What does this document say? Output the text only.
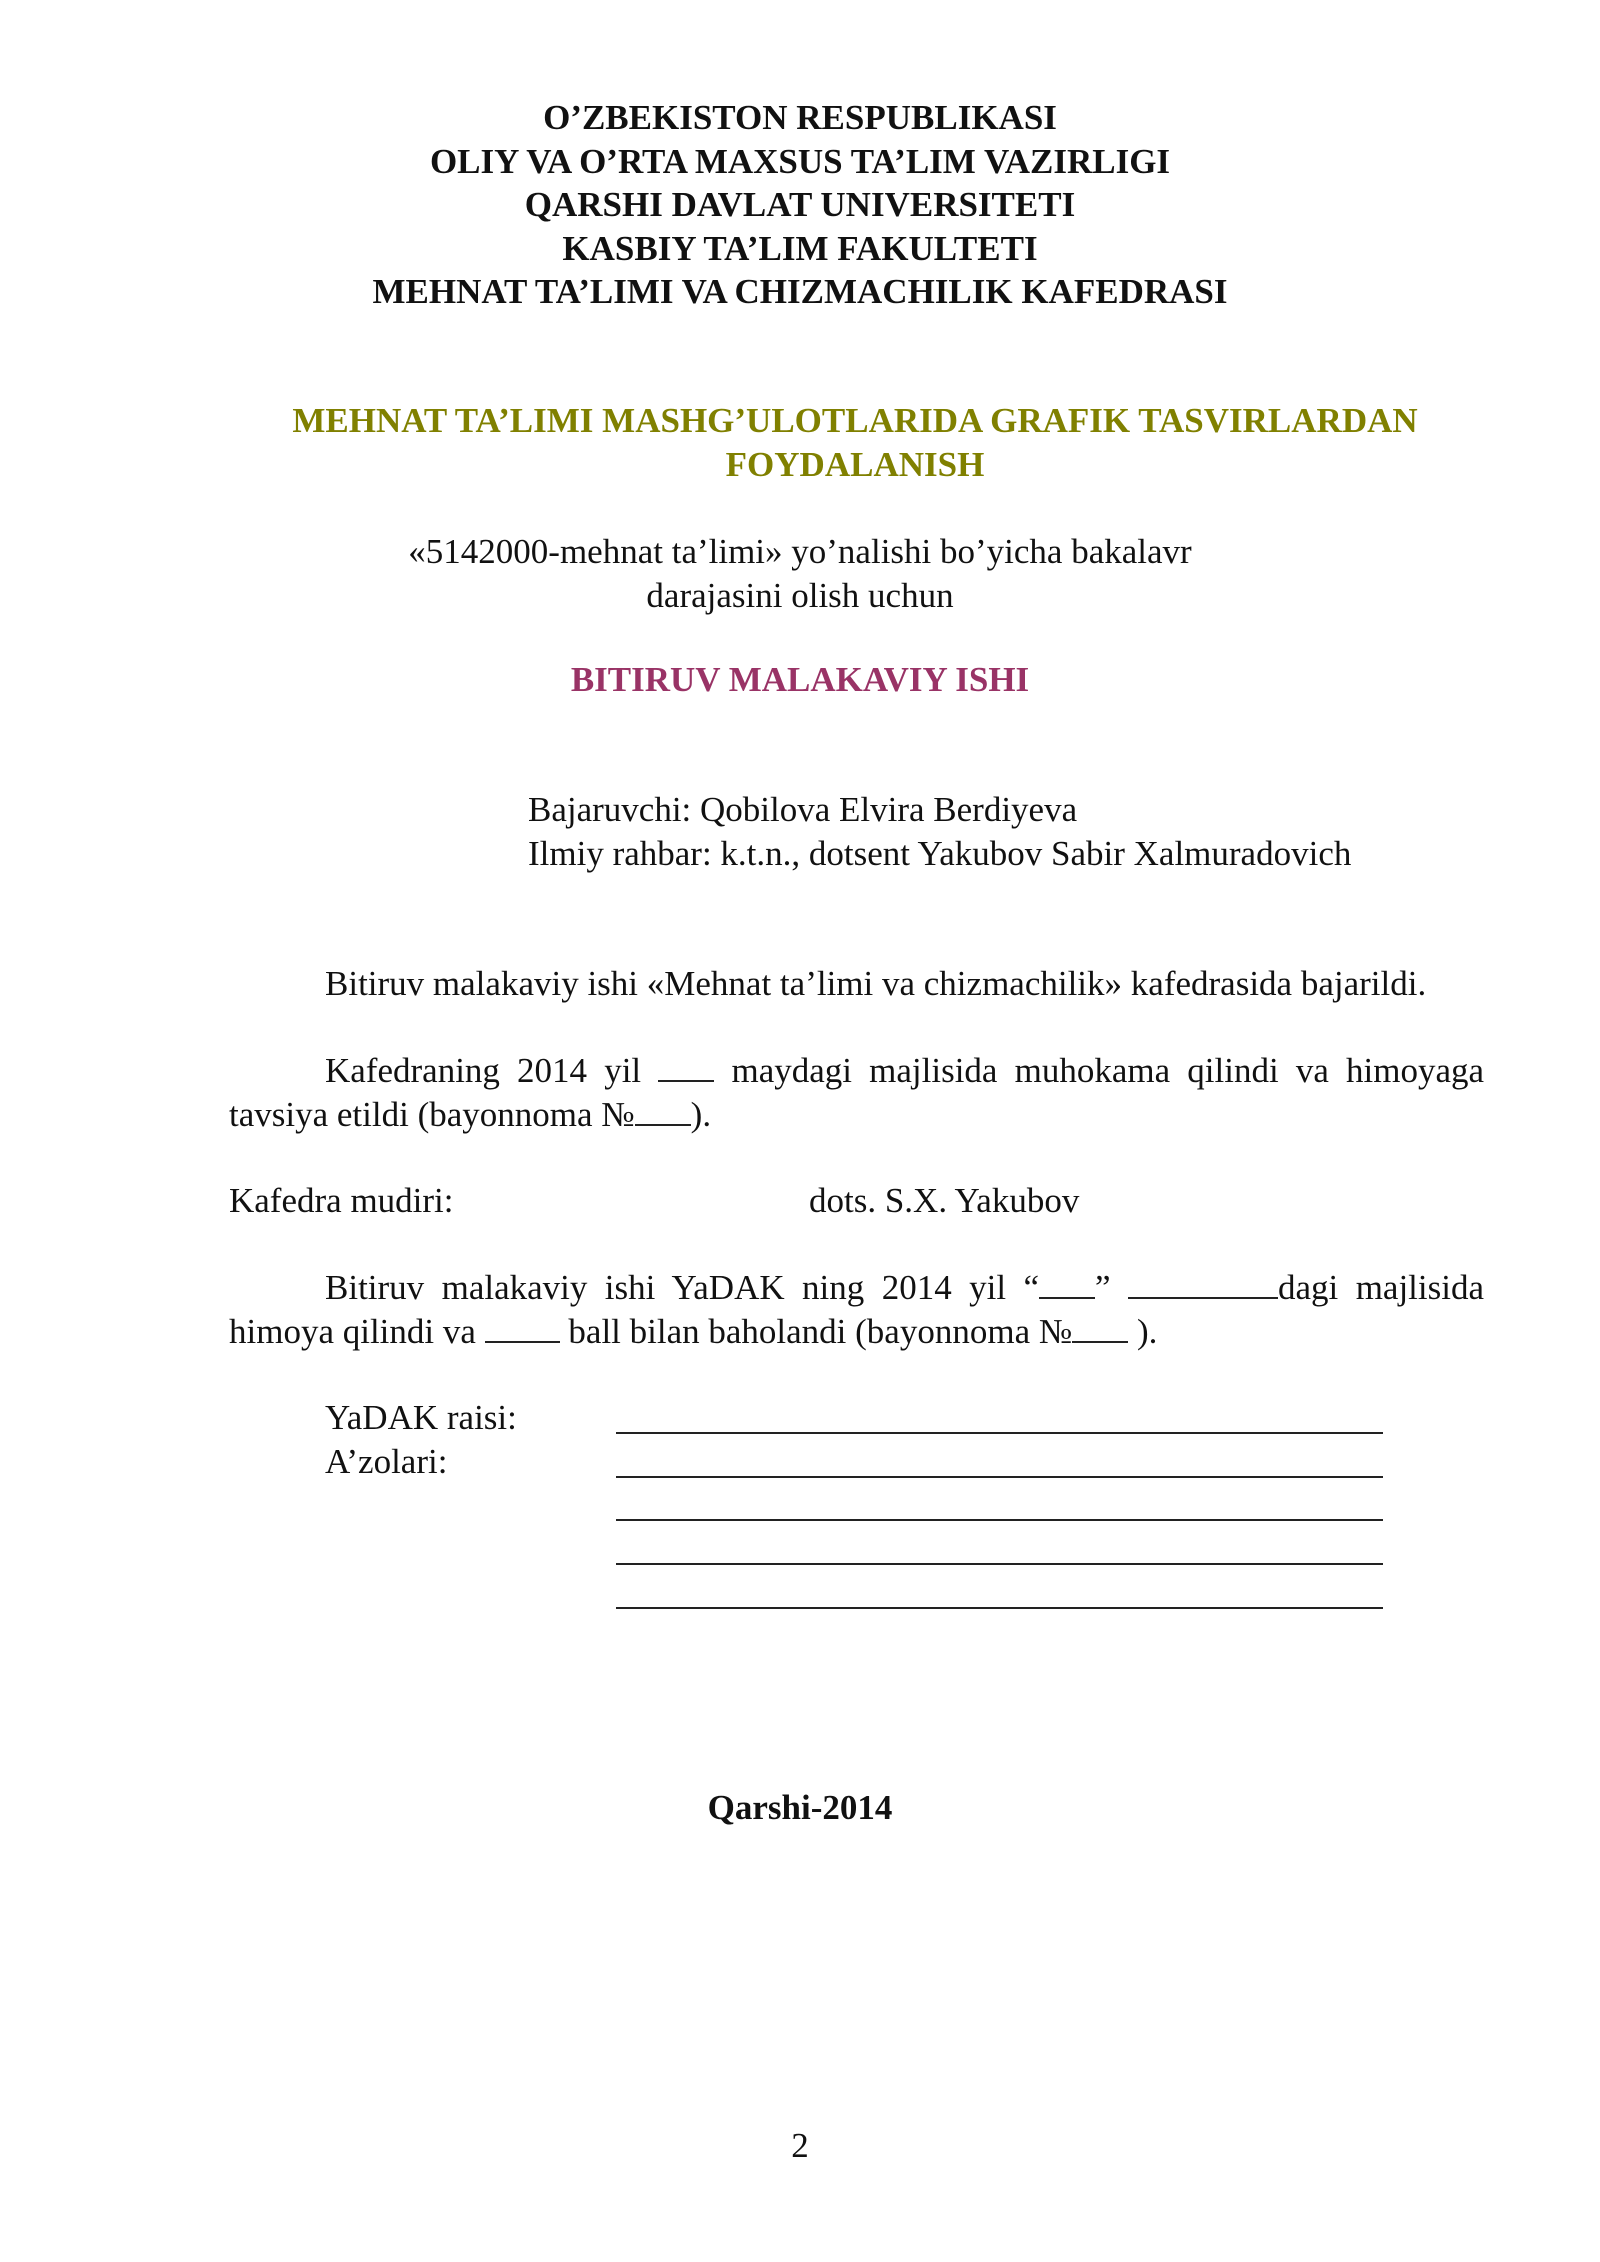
O’ZBEKISTON RESPUBLIKASI
OLIY VA O’RTA MAXSUS TA’LIM VAZIRLIGI
QARSHI DAVLAT UNIVERSITETI
KASBIY TA’LIM FAKULTETI
MEHNAT TA’LIMI VA CHIZMACHILIK KAFEDRASI
MEHNAT TA’LIMI MASHG’ULOTLARIDA GRAFIK TASVIRLARDAN
FOYDALANISH
«5142000-mehnat ta’limi» yo’nalishi bo’yicha bakalavr
darajasini olish uchun
BITIRUV MALAKAVIY ISHI
Bajaruvchi: Qobilova Elvira Berdiyeva
Ilmiy rahbar: k.t.n., dotsent Yakubov Sabir Xalmuradovich
Bitiruv malakaviy ishi «Mehnat ta’limi va chizmachilik» kafedrasida bajarildi.
Kafedraning 2014 yil	maydagi majlisida muhokama qilindi va himoyaga tavsiya etildi (bayonnoma № ).
Kafedra mudiri:	dots. S.X. Yakubov
Bitiruv malakaviy ishi YaDAK ning 2014 yil “ ”	dagi majlisida himoya qilindi va	ball bilan baholandi (bayonnoma № ).
YaDAK raisi:
A’zolari:
Qarshi-2014
2
